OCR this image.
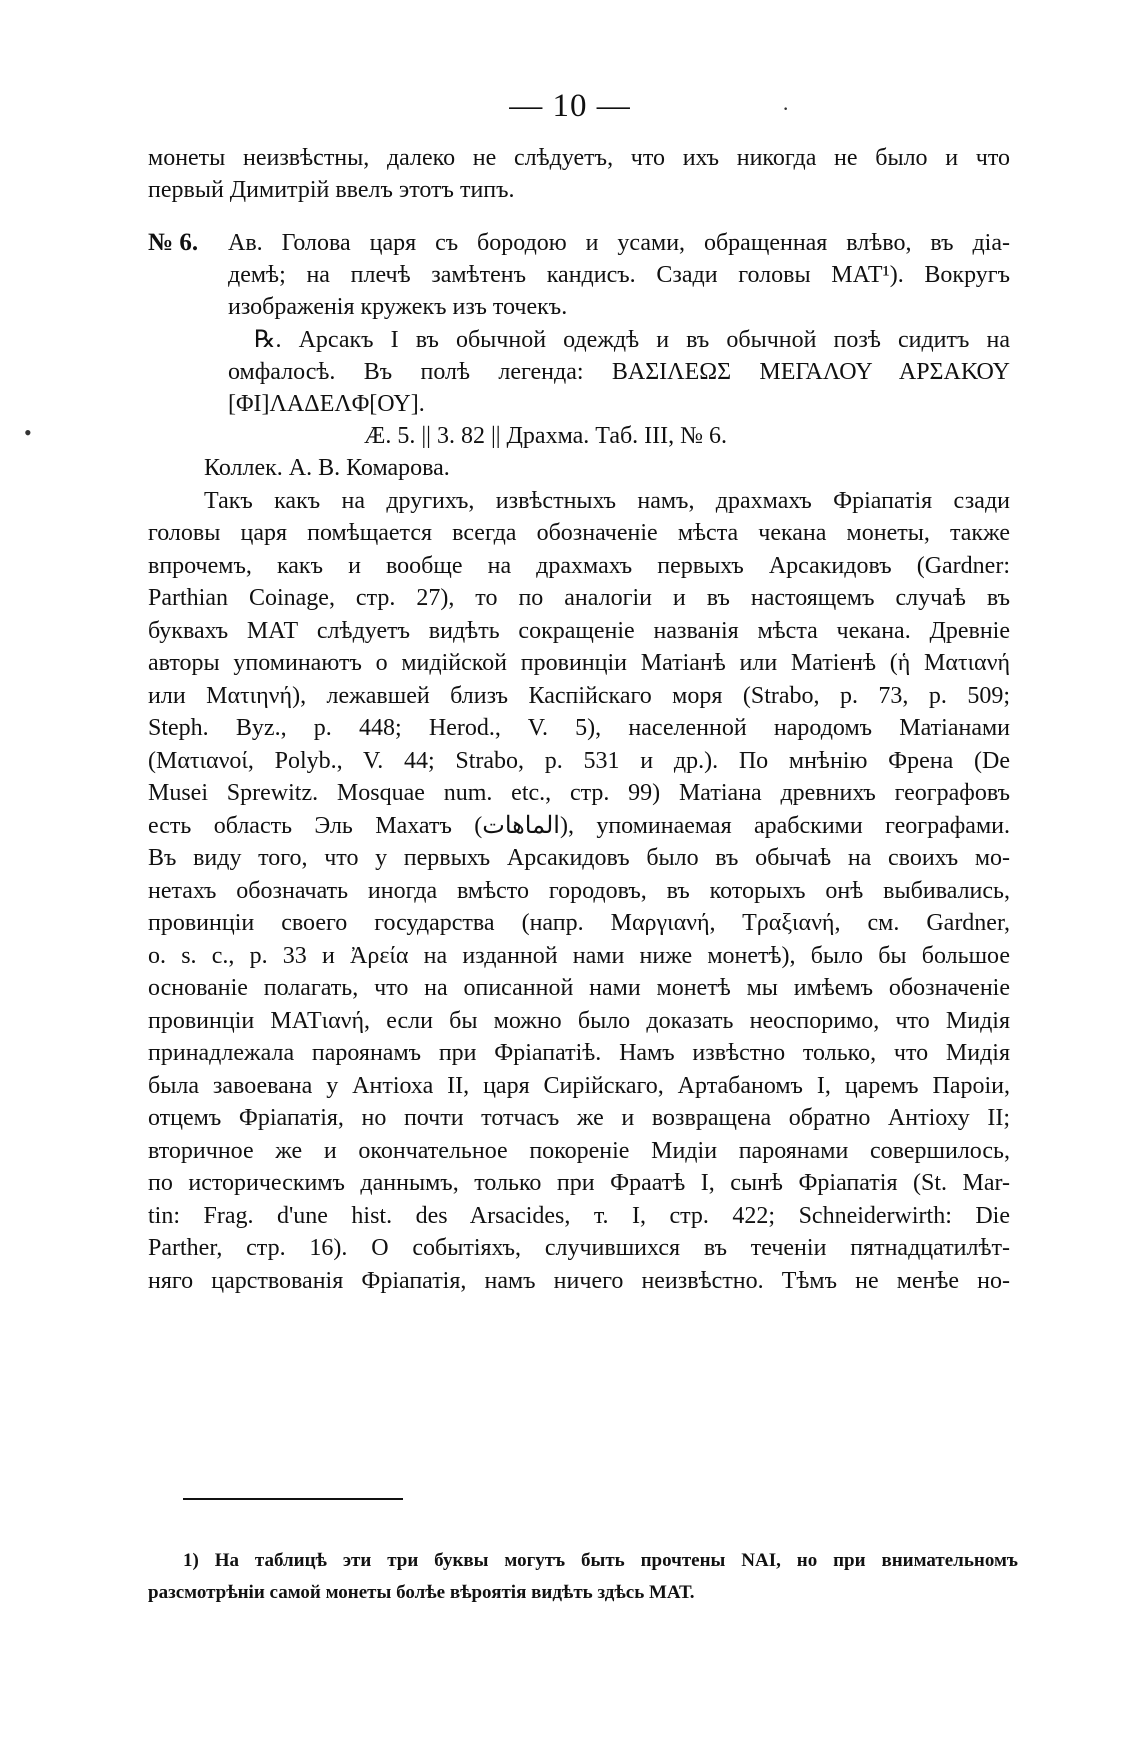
— 10 —
монеты неизвѣстны, далеко не слѣдуетъ, что ихъ никогда не было и что
первый Димитрій ввелъ этотъ типъ.
№ 6. Ав. Голова царя съ бородою и усами, обращенная влѣво, въ діа-
демѣ; на плечѣ замѣтенъ кандисъ. Сзади головы МАТ¹). Вокругъ
изображенія кружекъ изъ точекъ.
℞. Арсакъ I въ обычной одеждѣ и въ обычной позѣ сидитъ на
омфалосѣ. Въ полѣ легенда: ΒΑΣΙΛΕΩΣ ΜΕΓΑΛΟΥ ΑΡΣΑΚΟΥ
[ΦΙ]ΛΑΔΕΛΦ[ΟΥ].
Æ. 5. || 3. 82 || Драхма. Таб. III, № 6.
Коллек. А. В. Комарова.
Такъ какъ на другихъ, извѣстныхъ намъ, драхмахъ Фріапатія сзади
головы царя помѣщается всегда обозначеніе мѣста чекана монеты, также
впрочемъ, какъ и вообще на драхмахъ первыхъ Арсакидовъ (Gardner:
Parthian Coinage, стр. 27), то по аналогіи и въ настоящемъ случаѣ въ
буквахъ МАТ слѣдуетъ видѣть сокращеніе названія мѣста чекана. Древніе
авторы упоминаютъ о мидійской провинціи Матіанѣ или Матіенѣ (ἡ Ματιανή
или Ματιηνή), лежавшей близъ Каспійскаго моря (Strabo, p. 73, p. 509;
Steph. Byz., p. 448; Herod., V. 5), населенной народомъ Матіанами
(Ματιανοί, Polyb., V. 44; Strabo, p. 531 и др.). По мнѣнію Френа (De
Musei Sprewitz. Mosquae num. etc., стр. 99) Матіана древнихъ географовъ
есть область Эль Махатъ (الماهات), упоминаемая арабскими географами.
Въ виду того, что у первыхъ Арсакидовъ было въ обычаѣ на своихъ мо-
нетахъ обозначать иногда вмѣсто городовъ, въ которыхъ онѣ выбивались,
провинціи своего государства (напр. Μαργιανή, Τραξιανή, см. Gardner,
o. s. c., p. 33 и Ἀρεία на изданной нами ниже монетѣ), было бы большое
основаніе полагать, что на описанной нами монетѣ мы имѣемъ обозначеніе
провинціи МАТιανή, если бы можно было доказать неоспоримо, что Мидія
принадлежала пароянамъ при Фріапатіѣ. Намъ извѣстно только, что Мидія
была завоевана у Антіоха II, царя Сирійскаго, Артабаномъ I, царемъ Пароіи,
отцемъ Фріапатія, но почти тотчасъ же и возвращена обратно Антіоху II;
вторичное же и окончательное покореніе Мидіи пароянами совершилось,
по историческимъ даннымъ, только при Фраатѣ I, сынѣ Фріапатія (St. Mar-
tin: Frag. d'une hist. des Arsacides, т. I, стр. 422; Schneiderwirth: Die
Parther, стр. 16). О событіяхъ, случившихся въ теченіи пятнадцатилѣт-
няго царствованія Фріапатія, намъ ничего неизвѣстно. Тѣмъ не менѣе но-
1) На таблицѣ эти три буквы могутъ быть прочтены NAI, но при внимательномъ
разсмотрѣніи самой монеты болѣе вѣроятія видѣть здѣсь МАТ.
·
•
